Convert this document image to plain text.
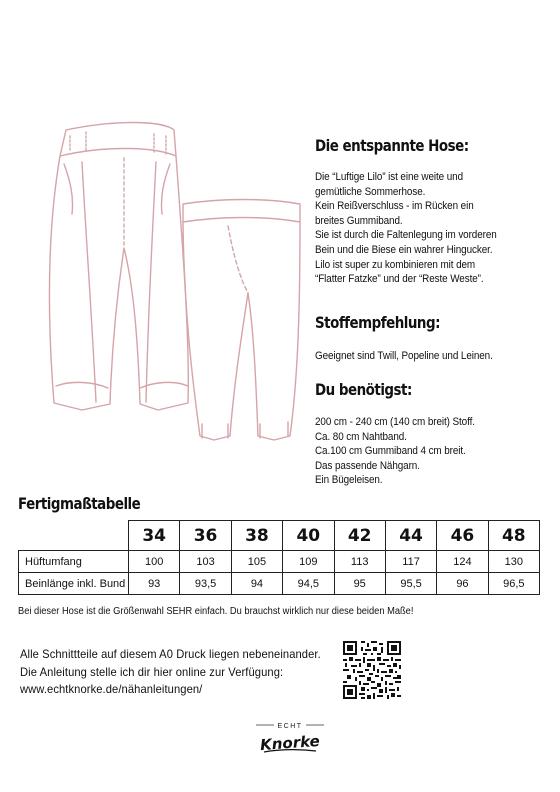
Die entspannte Hose:
Die “Luftige Lilo” ist eine weite und
gemütliche Sommerhose.
Kein Reißverschluss - im Rücken ein
breites Gummiband.
Sie ist durch die Faltenlegung im vorderen
Bein und die Biese ein wahrer Hingucker.
Lilo ist super zu kombinieren mit dem
“Flatter Fatzke” und der “Reste Weste”.
Stoffempfehlung:
Geeignet sind Twill, Popeline und Leinen.
Du benötigst:
200 cm - 240 cm (140 cm breit) Stoff.
Ca. 80 cm Nahtband.
Ca.100 cm Gummiband 4 cm breit.
Das passende Nähgarn.
Ein Bügeleisen.
Fertigmaßtabelle
	34	36	38	40	42	44	46	48
Hüftumfang	100	103	105	109	113	117	124	130
Beinlänge inkl. Bund	93	93,5	94	94,5	95	95,5	96	96,5

Bei dieser Hose ist die Größenwahl SEHR einfach. Du brauchst wirklich nur diese beiden Maße!

Alle Schnittteile auf diesem A0 Druck liegen nebeneinander.
Die Anleitung stelle ich dir hier online zur Verfügung:
www.echtknorke.de/nähanleitungen/
ECHT
Knorke
